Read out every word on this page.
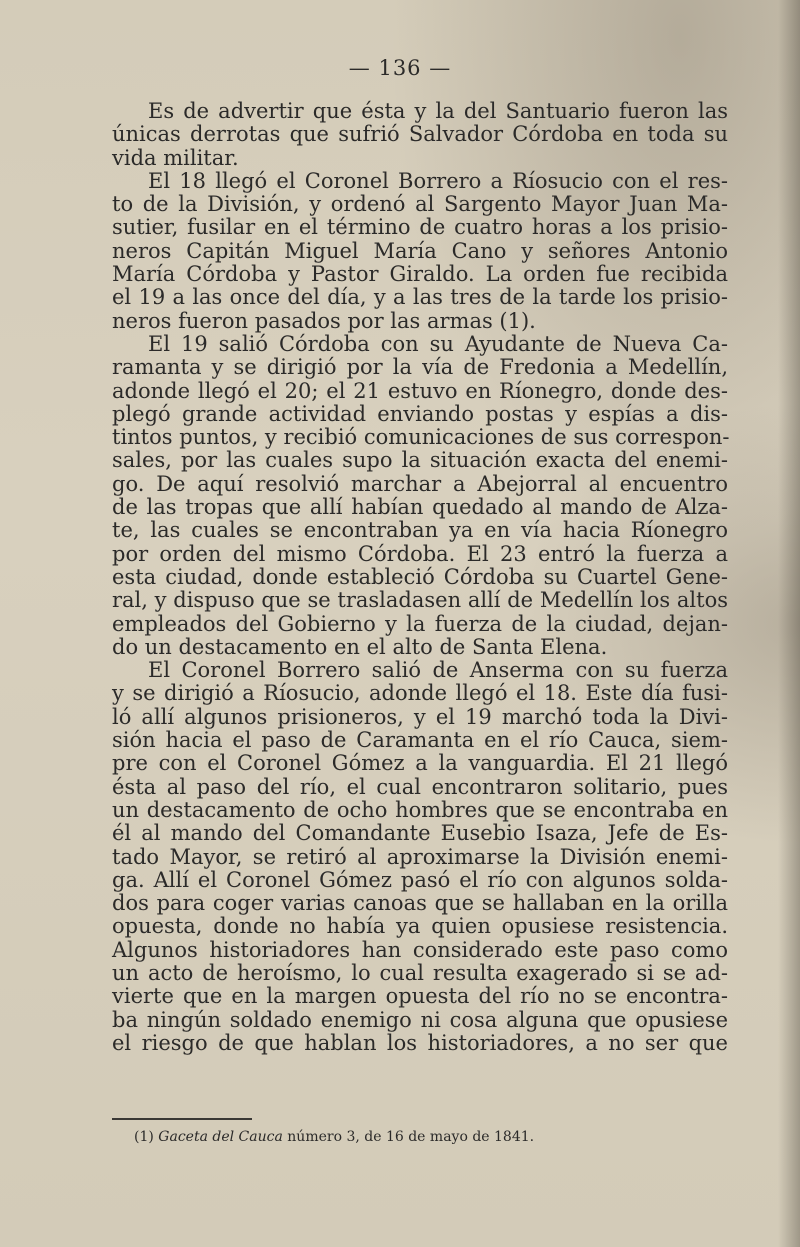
— 136 —
Es de advertir que ésta y la del Santuario fueron las
únicas derrotas que sufrió Salvador Córdoba en toda su
vida militar.
El 18 llegó el Coronel Borrero a Ríosucio con el res-
to de la División, y ordenó al Sargento Mayor Juan Ma-
sutier, fusilar en el término de cuatro horas a los prisio-
neros Capitán Miguel María Cano y señores Antonio
María Córdoba y Pastor Giraldo. La orden fue recibida
el 19 a las once del día, y a las tres de la tarde los prisio-
neros fueron pasados por las armas (1).
El 19 salió Córdoba con su Ayudante de Nueva Ca-
ramanta y se dirigió por la vía de Fredonia a Medellín,
adonde llegó el 20; el 21 estuvo en Ríonegro, donde des-
plegó grande actividad enviando postas y espías a dis-
tintos puntos, y recibió comunicaciones de sus correspon-
sales, por las cuales supo la situación exacta del enemi-
go. De aquí resolvió marchar a Abejorral al encuentro
de las tropas que allí habían quedado al mando de Alza-
te, las cuales se encontraban ya en vía hacia Ríonegro
por orden del mismo Córdoba. El 23 entró la fuerza a
esta ciudad, donde estableció Córdoba su Cuartel Gene-
ral, y dispuso que se trasladasen allí de Medellín los altos
empleados del Gobierno y la fuerza de la ciudad, dejan-
do un destacamento en el alto de Santa Elena.
El Coronel Borrero salió de Anserma con su fuerza
y se dirigió a Ríosucio, adonde llegó el 18. Este día fusi-
ló allí algunos prisioneros, y el 19 marchó toda la Divi-
sión hacia el paso de Caramanta en el río Cauca, siem-
pre con el Coronel Gómez a la vanguardia. El 21 llegó
ésta al paso del río, el cual encontraron solitario, pues
un destacamento de ocho hombres que se encontraba en
él al mando del Comandante Eusebio Isaza, Jefe de Es-
tado Mayor, se retiró al aproximarse la División enemi-
ga. Allí el Coronel Gómez pasó el río con algunos solda-
dos para coger varias canoas que se hallaban en la orilla
opuesta, donde no había ya quien opusiese resistencia.
Algunos historiadores han considerado este paso como
un acto de heroísmo, lo cual resulta exagerado si se ad-
vierte que en la margen opuesta del río no se encontra-
ba ningún soldado enemigo ni cosa alguna que opusiese
el riesgo de que hablan los historiadores, a no ser que
(1) Gaceta del Cauca número 3, de 16 de mayo de 1841.
